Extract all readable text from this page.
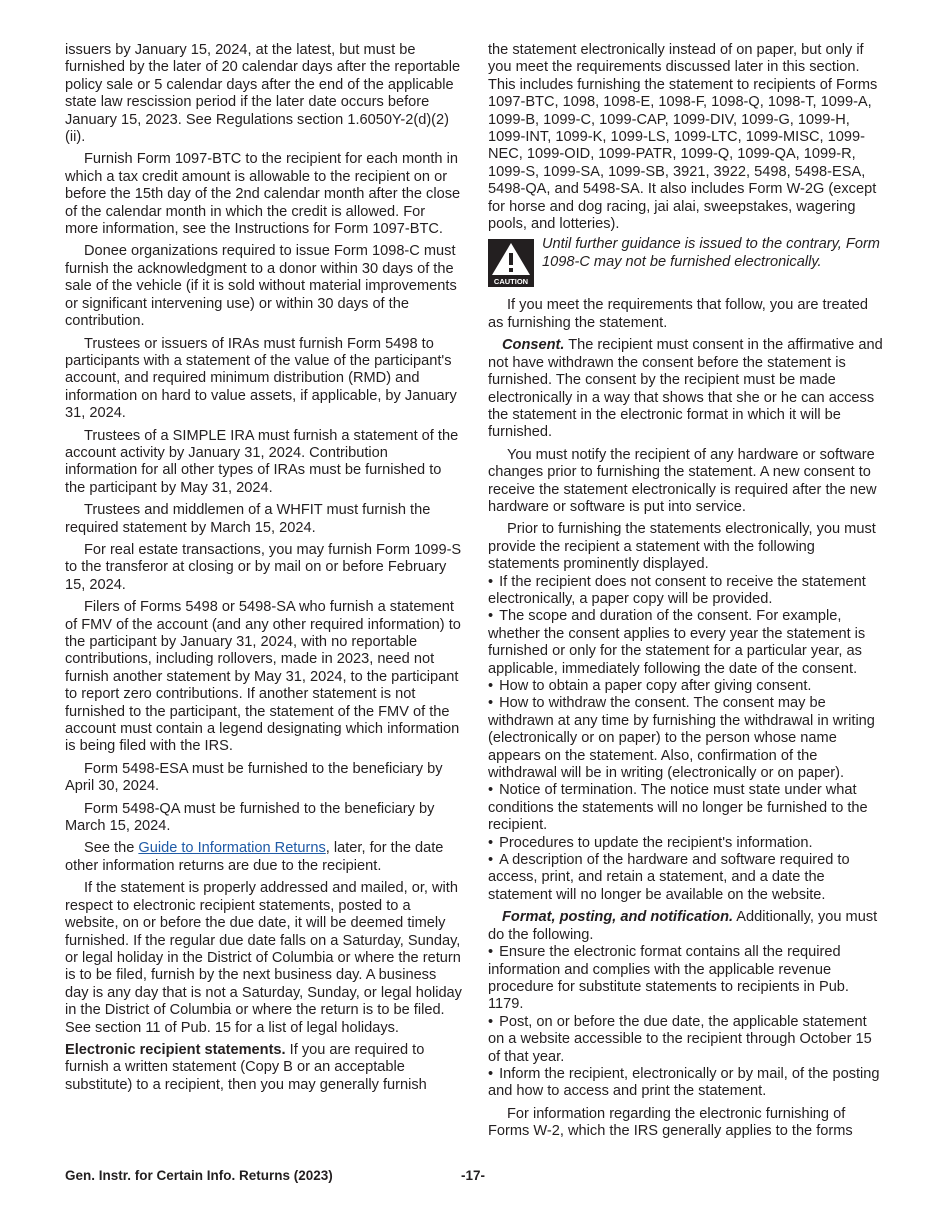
issuers by January 15, 2024, at the latest, but must be furnished by the later of 20 calendar days after the reportable policy sale or 5 calendar days after the end of the applicable state law rescission period if the later date occurs before January 15, 2023. See Regulations section 1.6050Y-2(d)(2)(ii).

Furnish Form 1097-BTC to the recipient for each month in which a tax credit amount is allowable to the recipient on or before the 15th day of the 2nd calendar month after the close of the calendar month in which the credit is allowed. For more information, see the Instructions for Form 1097-BTC.

Donee organizations required to issue Form 1098-C must furnish the acknowledgment to a donor within 30 days of the sale of the vehicle (if it is sold without material improvements or significant intervening use) or within 30 days of the contribution.

Trustees or issuers of IRAs must furnish Form 5498 to participants with a statement of the value of the participant's account, and required minimum distribution (RMD) and information on hard to value assets, if applicable, by January 31, 2024.

Trustees of a SIMPLE IRA must furnish a statement of the account activity by January 31, 2024. Contribution information for all other types of IRAs must be furnished to the participant by May 31, 2024.

Trustees and middlemen of a WHFIT must furnish the required statement by March 15, 2024.

For real estate transactions, you may furnish Form 1099-S to the transferor at closing or by mail on or before February 15, 2024.

Filers of Forms 5498 or 5498-SA who furnish a statement of FMV of the account (and any other required information) to the participant by January 31, 2024, with no reportable contributions, including rollovers, made in 2023, need not furnish another statement by May 31, 2024, to the participant to report zero contributions. If another statement is not furnished to the participant, the statement of the FMV of the account must contain a legend designating which information is being filed with the IRS.

Form 5498-ESA must be furnished to the beneficiary by April 30, 2024.

Form 5498-QA must be furnished to the beneficiary by March 15, 2024.

See the Guide to Information Returns, later, for the date other information returns are due to the recipient.

If the statement is properly addressed and mailed, or, with respect to electronic recipient statements, posted to a website, on or before the due date, it will be deemed timely furnished. If the regular due date falls on a Saturday, Sunday, or legal holiday in the District of Columbia or where the return is to be filed, furnish by the next business day. A business day is any day that is not a Saturday, Sunday, or legal holiday in the District of Columbia or where the return is to be filed. See section 11 of Pub. 15 for a list of legal holidays.

Electronic recipient statements. If you are required to furnish a written statement (Copy B or an acceptable substitute) to a recipient, then you may generally furnish

the statement electronically instead of on paper, but only if you meet the requirements discussed later in this section. This includes furnishing the statement to recipients of Forms 1097-BTC, 1098, 1098-E, 1098-F, 1098-Q, 1098-T, 1099-A, 1099-B, 1099-C, 1099-CAP, 1099-DIV, 1099-G, 1099-H, 1099-INT, 1099-K, 1099-LS, 1099-LTC, 1099-MISC, 1099-NEC, 1099-OID, 1099-PATR, 1099-Q, 1099-QA, 1099-R, 1099-S, 1099-SA, 1099-SB, 3921, 3922, 5498, 5498-ESA, 5498-QA, and 5498-SA. It also includes Form W-2G (except for horse and dog racing, jai alai, sweepstakes, wagering pools, and lotteries).

CAUTION
Until further guidance is issued to the contrary, Form 1098-C may not be furnished electronically.

If you meet the requirements that follow, you are treated as furnishing the statement.

Consent. The recipient must consent in the affirmative and not have withdrawn the consent before the statement is furnished. The consent by the recipient must be made electronically in a way that shows that she or he can access the statement in the electronic format in which it will be furnished.

You must notify the recipient of any hardware or software changes prior to furnishing the statement. A new consent to receive the statement electronically is required after the new hardware or software is put into service.

Prior to furnishing the statements electronically, you must provide the recipient a statement with the following statements prominently displayed.

• If the recipient does not consent to receive the statement electronically, a paper copy will be provided.

• The scope and duration of the consent. For example, whether the consent applies to every year the statement is furnished or only for the statement for a particular year, as applicable, immediately following the date of the consent.

• How to obtain a paper copy after giving consent.

• How to withdraw the consent. The consent may be withdrawn at any time by furnishing the withdrawal in writing (electronically or on paper) to the person whose name appears on the statement. Also, confirmation of the withdrawal will be in writing (electronically or on paper).

• Notice of termination. The notice must state under what conditions the statements will no longer be furnished to the recipient.

• Procedures to update the recipient's information.

• A description of the hardware and software required to access, print, and retain a statement, and a date the statement will no longer be available on the website.

Format, posting, and notification. Additionally, you must do the following.

• Ensure the electronic format contains all the required information and complies with the applicable revenue procedure for substitute statements to recipients in Pub. 1179.

• Post, on or before the due date, the applicable statement on a website accessible to the recipient through October 15 of that year.

• Inform the recipient, electronically or by mail, of the posting and how to access and print the statement.

For information regarding the electronic furnishing of Forms W-2, which the IRS generally applies to the forms

Gen. Instr. for Certain Info. Returns (2023)	-17-
